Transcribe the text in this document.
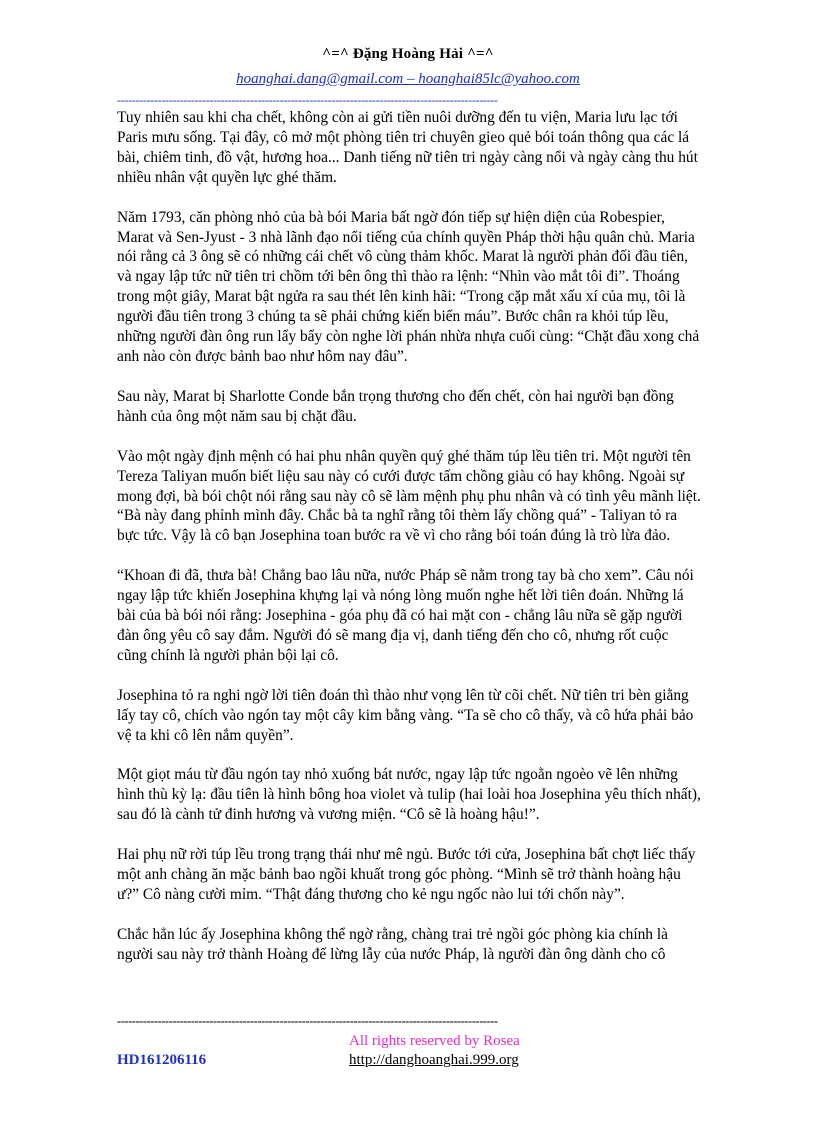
^=^ Đặng Hoàng Hải ^=^
hoanghai.dang@gmail.com – hoanghai85lc@yahoo.com
-------------------------------------------------------------------------------------------------------

Tuy nhiên sau khi cha chết, không còn ai gửi tiền nuôi dưỡng đến tu viện, Maria lưu lạc tới Paris mưu sống. Tại đây, cô mở một phòng tiên tri chuyên gieo quẻ bói toán thông qua các lá bài, chiêm tinh, đồ vật, hương hoa... Danh tiếng nữ tiên tri ngày càng nổi và ngày càng thu hút nhiều nhân vật quyền lực ghé thăm.

Năm 1793, căn phòng nhỏ của bà bói Maria bất ngờ đón tiếp sự hiện diện của Robespier, Marat và Sen-Jyust - 3 nhà lãnh đạo nổi tiếng của chính quyền Pháp thời hậu quân chủ. Maria nói rằng cả 3 ông sẽ có những cái chết vô cùng thảm khốc. Marat là người phản đối đầu tiên, và ngay lập tức nữ tiên tri chồm tới bên ông thì thào ra lệnh: “Nhìn vào mắt tôi đi”. Thoáng trong một giây, Marat bật ngửa ra sau thét lên kinh hãi: “Trong cặp mắt xấu xí của mụ, tôi là người đầu tiên trong 3 chúng ta sẽ phải chứng kiến biển máu”. Bước chân ra khỏi túp lều, những người đàn ông run lẩy bẩy còn nghe lời phán nhừa nhựa cuối cùng: “Chặt đầu xong chả anh nào còn được bảnh bao như hôm nay đâu”.

Sau này, Marat bị Sharlotte Conde bắn trọng thương cho đến chết, còn hai người bạn đồng hành của ông một năm sau bị chặt đầu.

Vào một ngày định mệnh có hai phu nhân quyền quý ghé thăm túp lều tiên tri. Một người tên Tereza Taliyan muốn biết liệu sau này có cưới được tấm chồng giàu có hay không. Ngoài sự mong đợi, bà bói chột nói rằng sau này cô sẽ làm mệnh phụ phu nhân và có tình yêu mãnh liệt. “Bà này đang phỉnh mình đây. Chắc bà ta nghĩ rằng tôi thèm lấy chồng quá” - Taliyan tỏ ra bực tức. Vậy là cô bạn Josephina toan bước ra về vì cho rằng bói toán đúng là trò lừa đảo.

“Khoan đi đã, thưa bà! Chẳng bao lâu nữa, nước Pháp sẽ nằm trong tay bà cho xem”. Câu nói ngay lập tức khiến Josephina khựng lại và nóng lòng muốn nghe hết lời tiên đoán. Những lá bài của bà bói nói rằng: Josephina - góa phụ đã có hai mặt con - chẳng lâu nữa sẽ gặp người đàn ông yêu cô say đắm. Người đó sẽ mang địa vị, danh tiếng đến cho cô, nhưng rốt cuộc cũng chính là người phản bội lại cô.

Josephina tỏ ra nghi ngờ lời tiên đoán thì thào như vọng lên từ cõi chết. Nữ tiên tri bèn giằng lấy tay cô, chích vào ngón tay một cây kim bằng vàng. “Ta sẽ cho cô thấy, và cô hứa phải bảo vệ ta khi cô lên nắm quyền”.

Một giọt máu từ đầu ngón tay nhỏ xuống bát nước, ngay lập tức ngoằn ngoèo vẽ lên những hình thù kỳ lạ: đầu tiên là hình bông hoa violet và tulip (hai loài hoa Josephina yêu thích nhất), sau đó là cành tử đinh hương và vương miện. “Cô sẽ là hoàng hậu!”.

Hai phụ nữ rời túp lều trong trạng thái như mê ngủ. Bước tới cửa, Josephina bất chợt liếc thấy một anh chàng ăn mặc bảnh bao ngồi khuất trong góc phòng. “Mình sẽ trở thành hoàng hậu ư?” Cô nàng cười mỉm. “Thật đáng thương cho kẻ ngu ngốc nào lui tới chốn này”.

Chắc hẳn lúc ấy Josephina không thể ngờ rằng, chàng trai trẻ ngồi góc phòng kia chính là người sau này trở thành Hoàng đế lừng lẫy của nước Pháp, là người đàn ông dành cho cô

-------------------------------------------------------------------------------------------------------
All rights reserved by Rosea
HD161206116	http://danghoanghai.999.org
